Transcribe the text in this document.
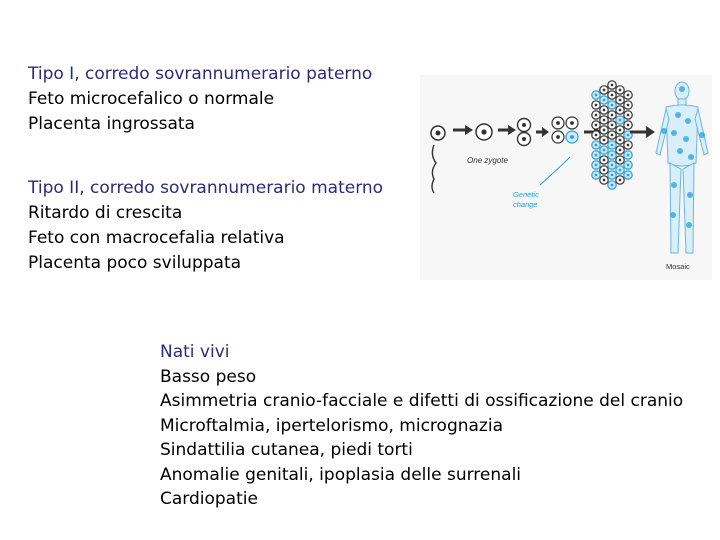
Tipo I, corredo sovrannumerario paterno
Feto microcefalico o normale
Placenta ingrossata
Tipo II, corredo sovrannumerario materno
Ritardo di crescita
Feto con macrocefalia relativa
Placenta poco sviluppata
Nati vivi
Basso peso
Asimmetria cranio-facciale e difetti di ossificazione del cranio
Microftalmia, ipertelorismo, micrognazia
Sindattilia cutanea, piedi torti
Anomalie genitali, ipoplasia delle surrenali
Cardiopatie
One zygote
Genetic
change
Mosaic
